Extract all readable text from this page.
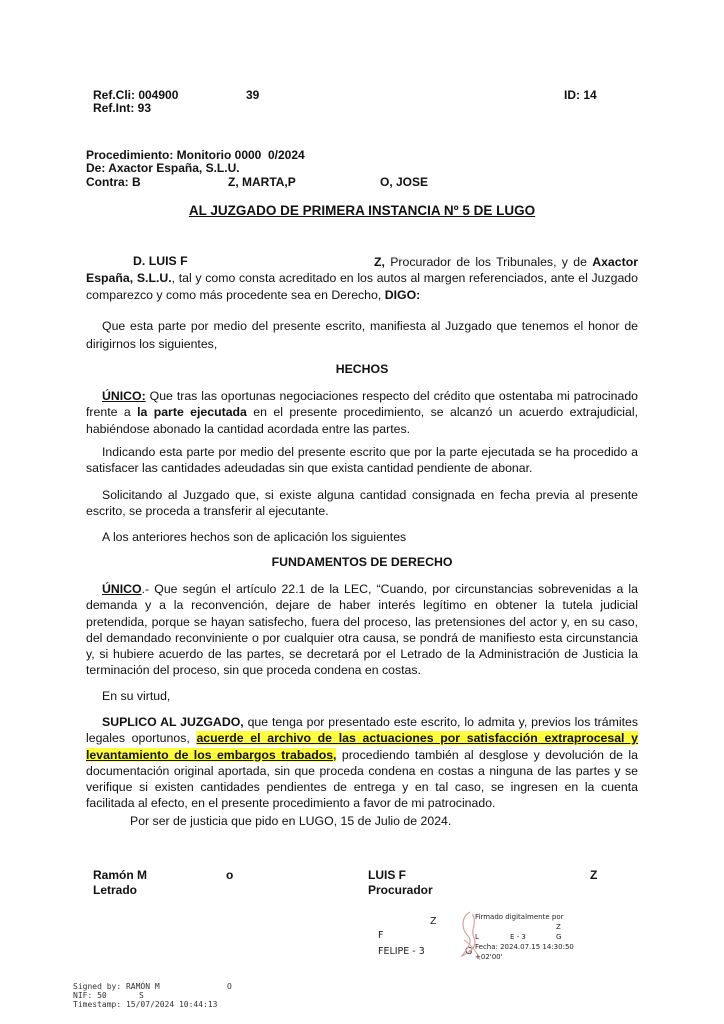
Ref.Cli: 004900	39	ID: 14
Ref.Int: 93
Procedimiento: Monitorio 0000 0/2024
De: Axactor España, S.L.U.
Contra: B	Z, MARTA,P	O, JOSE
AL JUZGADO DE PRIMERA INSTANCIA Nº 5 DE LUGO
D. LUIS F	Z, Procurador de los Tribunales, y de Axactor España, S.L.U., tal y como consta acreditado en los autos al margen referenciados, ante el Juzgado comparezco y como más procedente sea en Derecho, DIGO:
Que esta parte por medio del presente escrito, manifiesta al Juzgado que tenemos el honor de dirigirnos los siguientes,
HECHOS
ÚNICO: Que tras las oportunas negociaciones respecto del crédito que ostentaba mi patrocinado frente a la parte ejecutada en el presente procedimiento, se alcanzó un acuerdo extrajudicial, habiéndose abonado la cantidad acordada entre las partes.
Indicando esta parte por medio del presente escrito que por la parte ejecutada se ha procedido a satisfacer las cantidades adeudadas sin que exista cantidad pendiente de abonar.
Solicitando al Juzgado que, si existe alguna cantidad consignada en fecha previa al presente escrito, se proceda a transferir al ejecutante.
A los anteriores hechos son de aplicación los siguientes
FUNDAMENTOS DE DERECHO
ÚNICO.- Que según el artículo 22.1 de la LEC, “Cuando, por circunstancias sobrevenidas a la demanda y a la reconvención, dejare de haber interés legítimo en obtener la tutela judicial pretendida, porque se hayan satisfecho, fuera del proceso, las pretensiones del actor y, en su caso, del demandado reconviniente o por cualquier otra causa, se pondrá de manifiesto esta circunstancia y, si hubiere acuerdo de las partes, se decretará por el Letrado de la Administración de Justicia la terminación del proceso, sin que proceda condena en costas.
En su virtud,
SUPLICO AL JUZGADO, que tenga por presentado este escrito, lo admita y, previos los trámites legales oportunos, acuerde el archivo de las actuaciones por satisfacción extraprocesal y levantamiento de los embargos trabados, procediendo también al desglose y devolución de la documentación original aportada, sin que proceda condena en costas a ninguna de las partes y se verifique si existen cantidades pendientes de entrega y en tal caso, se ingresen en la cuenta facilitada al efecto, en el presente procedimiento a favor de mi patrocinado.
Por ser de justicia que pido en LUGO, 15 de Julio de 2024.
Ramón M	o
Letrado
LUIS F	Z
Procurador
Z
F
FELIPE - 3	G
Firmado digitalmente por
Z
L	E - 3	G
Fecha: 2024.07.15 14:30:50
+02'00'
Signed by: RAMÓN M	O
NIF: 50	S
Timestamp: 15/07/2024 10:44:13
